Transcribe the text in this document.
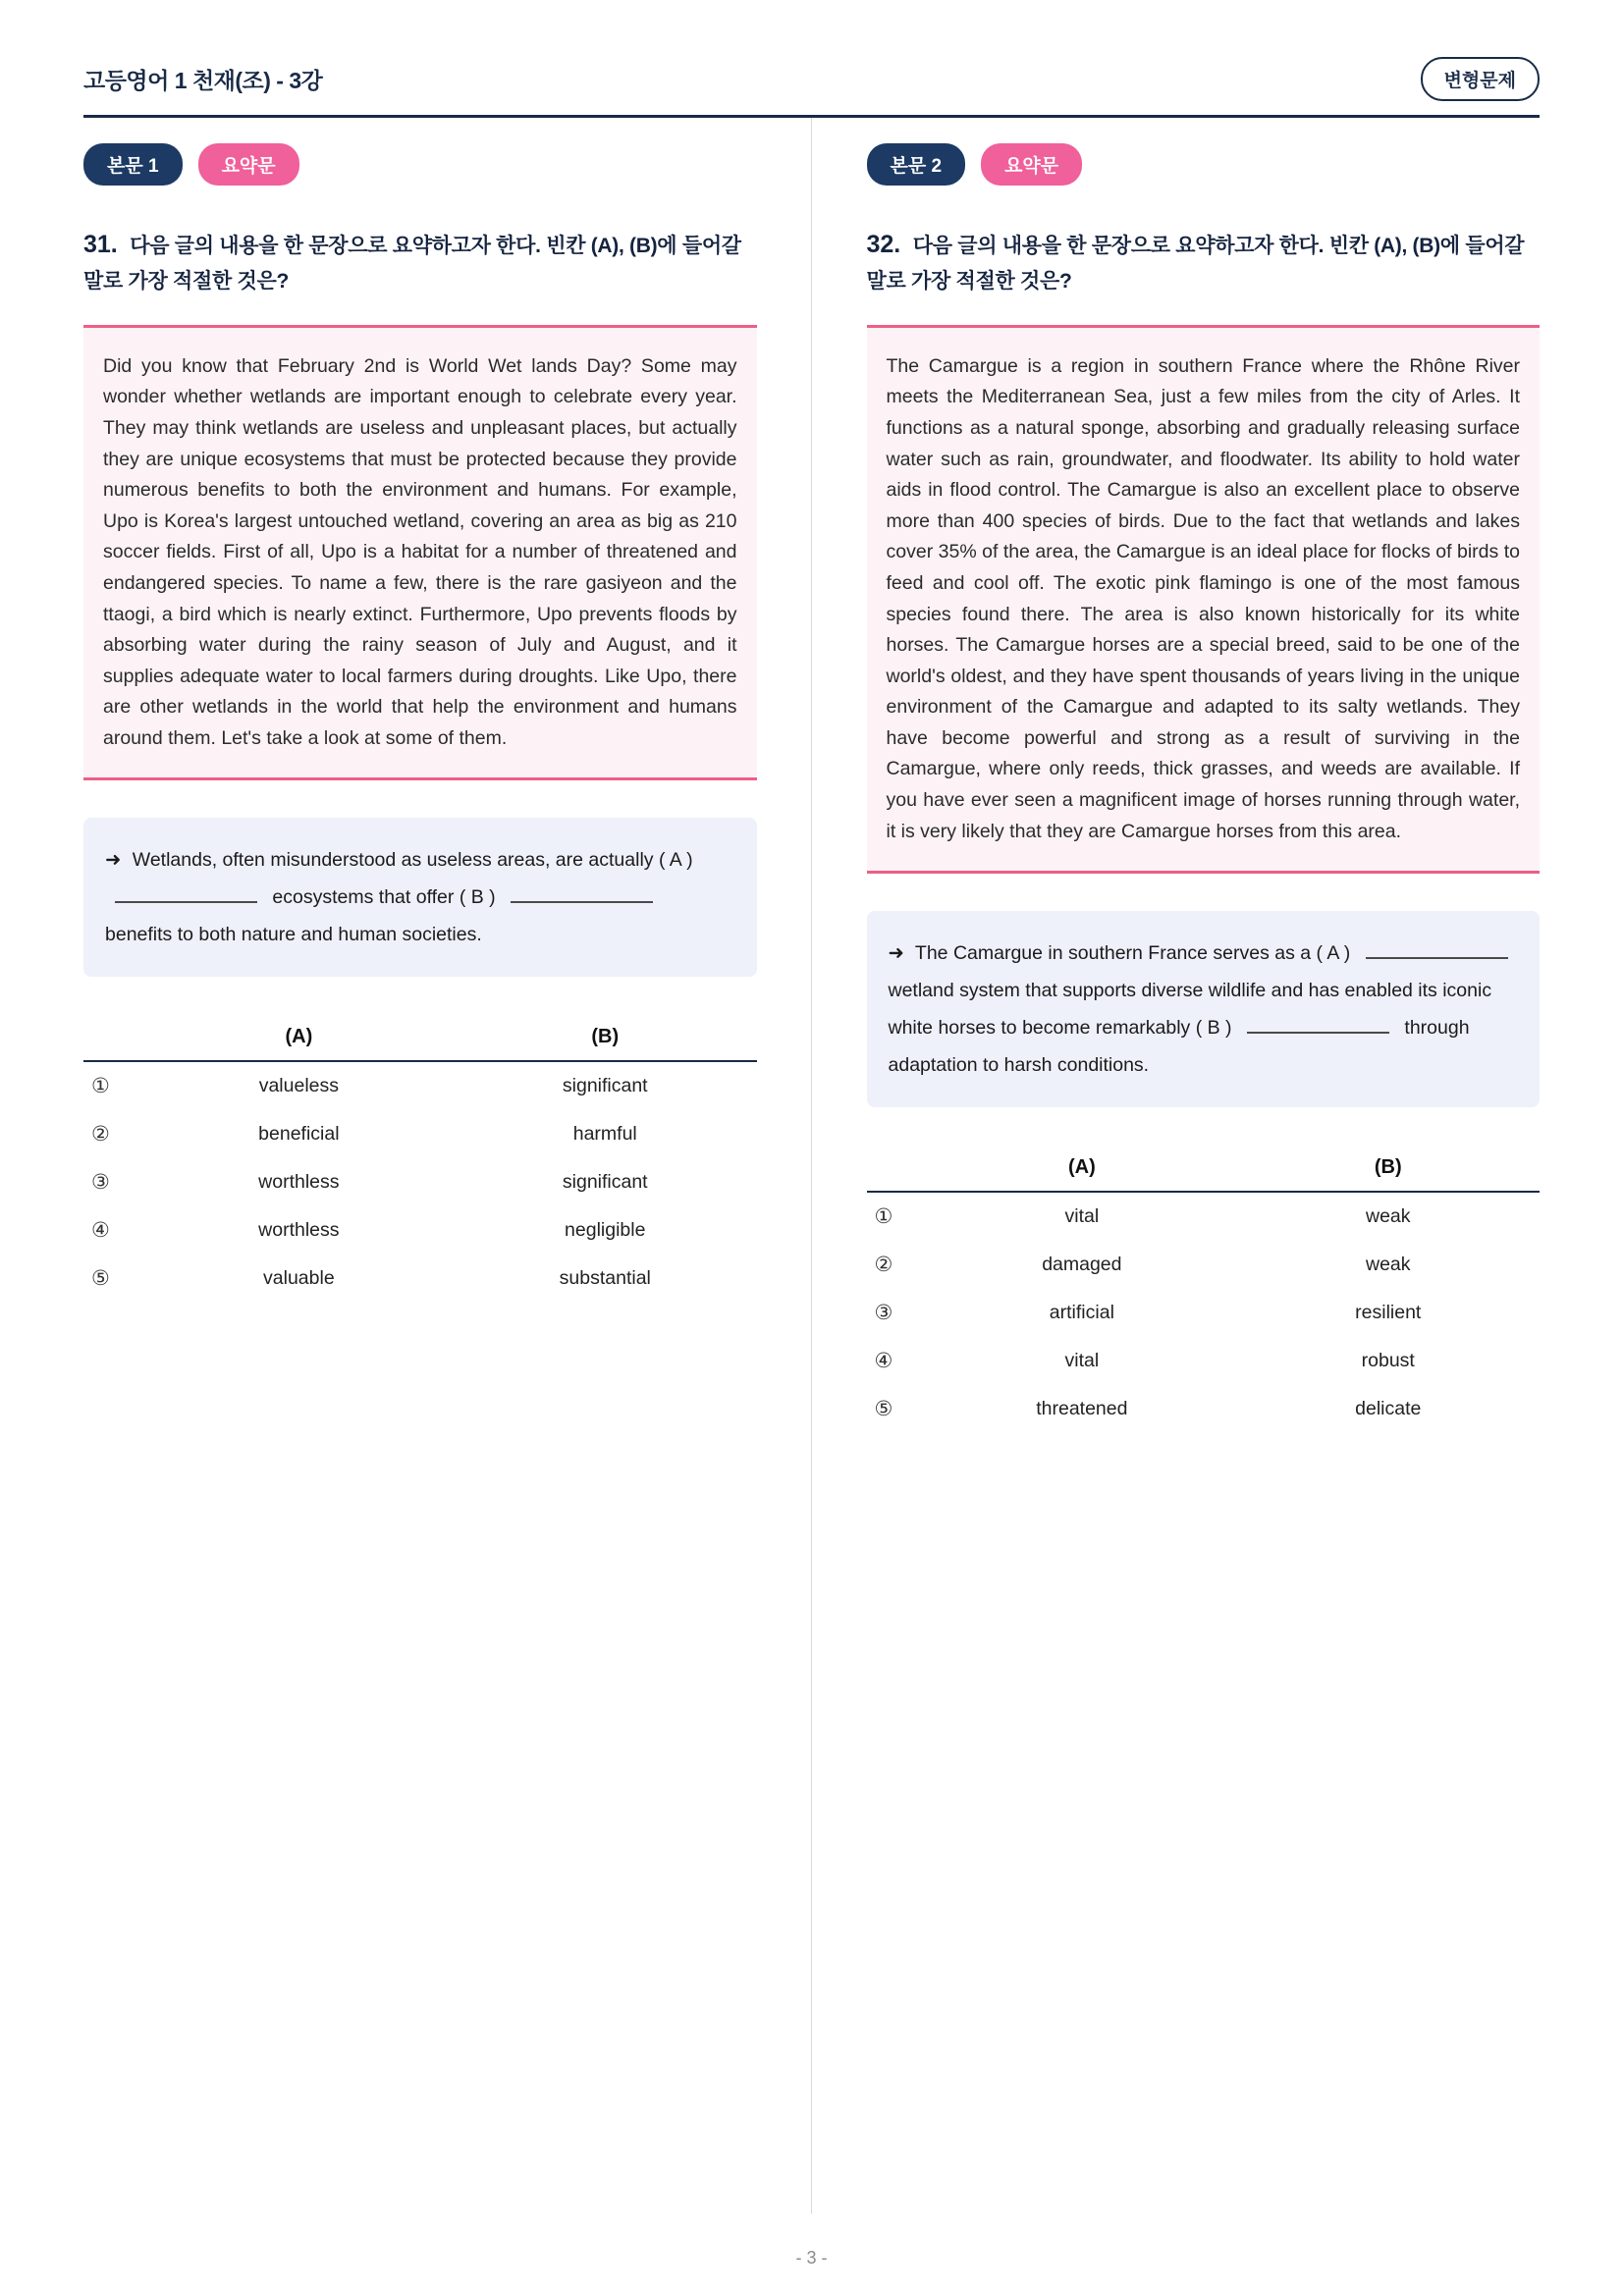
고등영어 1 천재(조) - 3강	변형문제
본문 1	요약문
31. 다음 글의 내용을 한 문장으로 요약하고자 한다. 빈칸 (A), (B)에 들어갈 말로 가장 적절한 것은?
Did you know that February 2nd is World Wet lands Day? Some may wonder whether wetlands are important enough to celebrate every year. They may think wetlands are useless and unpleasant places, but actually they are unique ecosystems that must be protected because they provide numerous benefits to both the environment and humans. For example, Upo is Korea's largest untouched wetland, covering an area as big as 210 soccer fields. First of all, Upo is a habitat for a number of threatened and endangered species. To name a few, there is the rare gasiyeon and the ttaogi, a bird which is nearly extinct. Furthermore, Upo prevents floods by absorbing water during the rainy season of July and August, and it supplies adequate water to local farmers during droughts. Like Upo, there are other wetlands in the world that help the environment and humans around them. Let's take a look at some of them.
➜ Wetlands, often misunderstood as useless areas, are actually ( A )  ecosystems that offer ( B )  benefits to both nature and human societies.
	(A)	(B)
①	valueless	significant
②	beneficial	harmful
③	worthless	significant
④	worthless	negligible
⑤	valuable	substantial
본문 2	요약문
32. 다음 글의 내용을 한 문장으로 요약하고자 한다. 빈칸 (A), (B)에 들어갈 말로 가장 적절한 것은?
The Camargue is a region in southern France where the Rhône River meets the Mediterranean Sea, just a few miles from the city of Arles. It functions as a natural sponge, absorbing and gradually releasing surface water such as rain, groundwater, and floodwater. Its ability to hold water aids in flood control. The Camargue is also an excellent place to observe more than 400 species of birds. Due to the fact that wetlands and lakes cover 35% of the area, the Camargue is an ideal place for flocks of birds to feed and cool off. The exotic pink flamingo is one of the most famous species found there. The area is also known historically for its white horses. The Camargue horses are a special breed, said to be one of the world's oldest, and they have spent thousands of years living in the unique environment of the Camargue and adapted to its salty wetlands. They have become powerful and strong as a result of surviving in the Camargue, where only reeds, thick grasses, and weeds are available. If you have ever seen a magnificent image of horses running through water, it is very likely that they are Camargue horses from this area.
➜ The Camargue in southern France serves as a ( A )  wetland system that supports diverse wildlife and has enabled its iconic white horses to become remarkably ( B )	through adaptation to harsh conditions.
	(A)	(B)
①	vital	weak
②	damaged	weak
③	artificial	resilient
④	vital	robust
⑤	threatened	delicate
- 3 -
